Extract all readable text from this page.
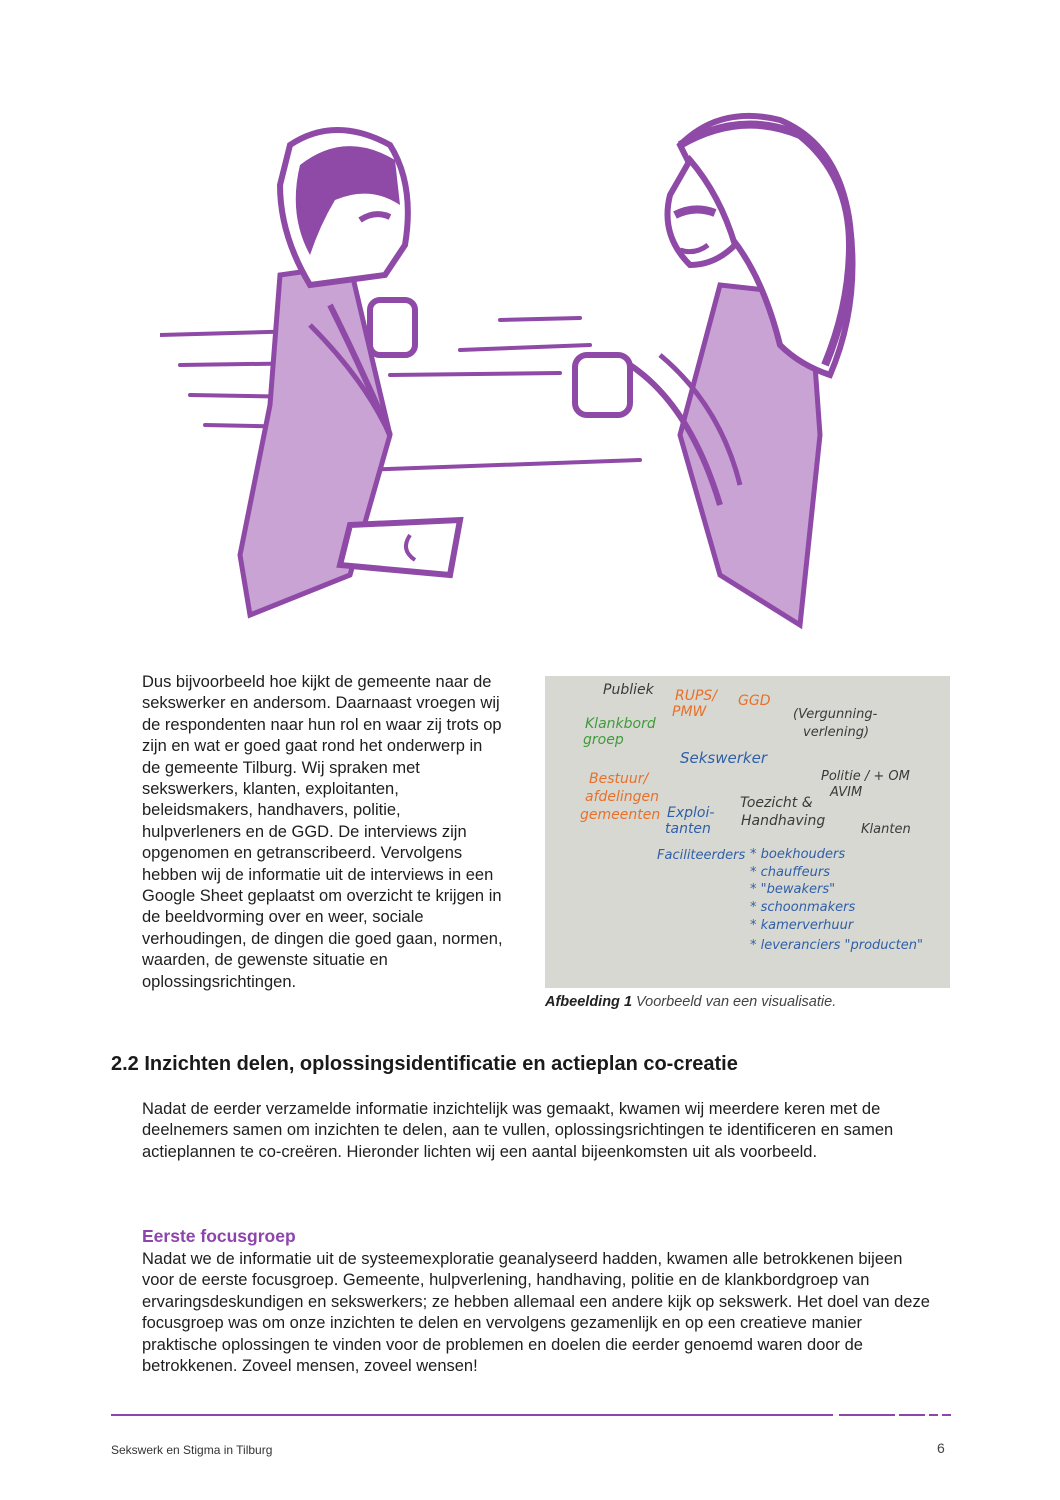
Dus bijvoorbeeld hoe kijkt de gemeente naar de sekswerker en andersom. Daarnaast vroegen wij de respondenten naar hun rol en waar zij trots op zijn en wat er goed gaat rond het onderwerp in de gemeente Tilburg. Wij spraken met sekswerkers, klanten, exploitanten, beleidsmakers, handhavers, politie, hulpverleners en de GGD. De interviews zijn opgenomen en getranscribeerd. Vervolgens hebben wij de informatie uit de interviews in een Google Sheet geplaatst om overzicht te krijgen in de beeldvorming over en weer, sociale verhoudingen, de dingen die goed gaan, normen, waarden, de gewenste situatie en oplossingsrichtingen.

Publiek RUPS/
PMW
GGD
(Vergunning-
verlening)
Klankbord
groep
Sekswerker
Politie / + OM
AVIM
Bestuur/
afdelingen
gemeenten Exploi-
tanten
Toezicht &
Handhaving
Klanten
Faciliteerders * boekhouders
* chauffeurs
* "bewakers"
* schoonmakers
* kamerverhuur
* leveranciers "producten"
Afbeelding 1 Voorbeeld van een visualisatie.
2.2 Inzichten delen, oplossingsidentificatie en actieplan co-creatie

Nadat de eerder verzamelde informatie inzichtelijk was gemaakt, kwamen wij meerdere keren met de deelnemers samen om inzichten te delen, aan te vullen, oplossingsrichtingen te identificeren en samen actieplannen te co-creëren. Hieronder lichten wij een aantal bijeenkomsten uit als voorbeeld.

Eerste focusgroep

Nadat we de informatie uit de systeemexploratie geanalyseerd hadden, kwamen alle betrokkenen bijeen voor de eerste focusgroep. Gemeente, hulpverlening, handhaving, politie en de klankbordgroep van ervaringsdeskundigen en sekswerkers; ze hebben allemaal een andere kijk op sekswerk. Het doel van deze focusgroep was om onze inzichten te delen en vervolgens gezamenlijk en op een creatieve manier praktische oplossingen te vinden voor de problemen en doelen die eerder genoemd waren door de betrokkenen. Zoveel mensen, zoveel wensen!

Sekswerk en Stigma in Tilburg	6
